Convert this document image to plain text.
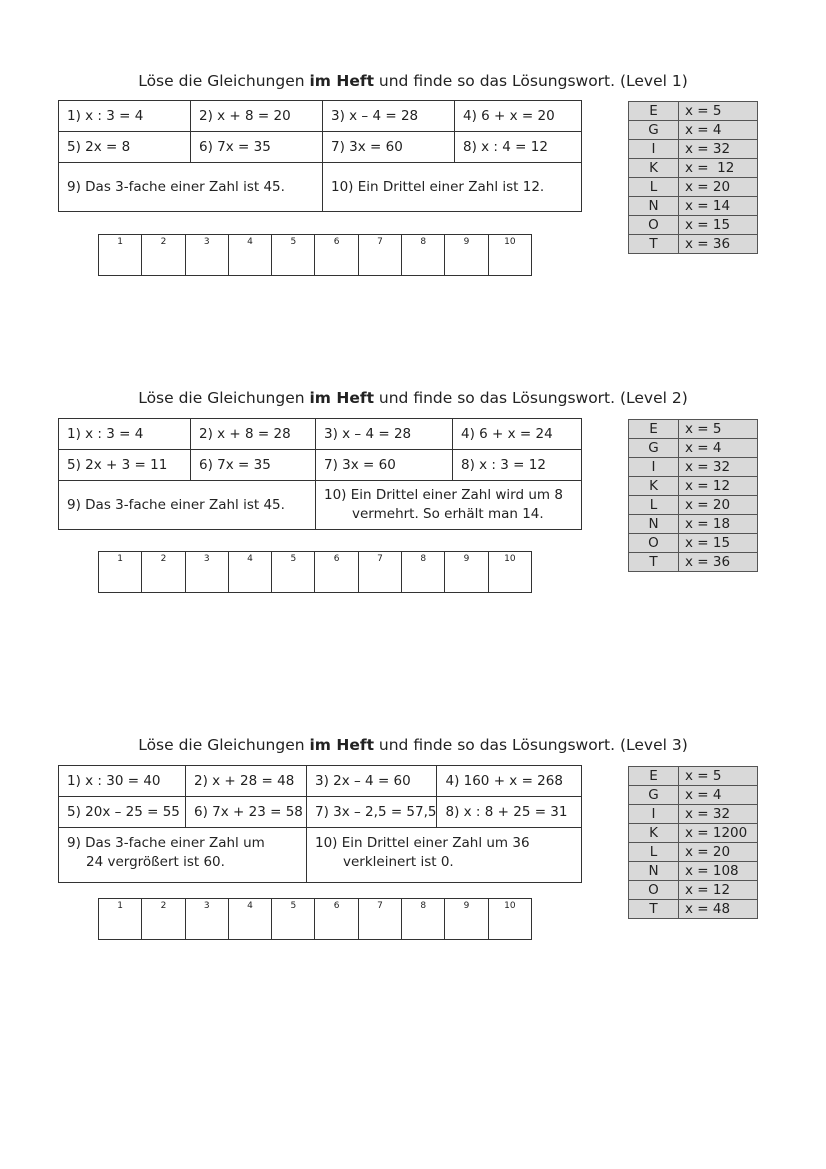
Löse die Gleichungen im Heft und finde so das Lösungswort. (Level 1)
1) x : 3 = 4	2) x + 8 = 20	3) x – 4 = 28	4) 6 + x = 20
5) 2x = 8	6) 7x = 35	7) 3x = 60	8) x : 4 = 12
9) Das 3-fache einer Zahl ist 45.		10) Ein Drittel einer Zahl ist 12.	
1	2	3	4	5	6	7	8	9	10
E	x = 5
G	x = 4
I	x = 32
K	x =  12
L	x = 20
N	x = 14
O	x = 15
T	x = 36
Löse die Gleichungen im Heft und finde so das Lösungswort. (Level 2)
1) x : 3 = 4	2) x + 8 = 28	3) x – 4 = 28	4) 6 + x = 24
5) 2x + 3 = 11	6) 7x = 35	7) 3x = 60	8) x : 3 = 12
9) Das 3-fache einer Zahl ist 45.		10) Ein Drittel einer Zahl wird um 8
vermehrt. So erhält man 14.	
1	2	3	4	5	6	7	8	9	10
E	x = 5
G	x = 4
I	x = 32
K	x = 12
L	x = 20
N	x = 18
O	x = 15
T	x = 36
Löse die Gleichungen im Heft und finde so das Lösungswort. (Level 3)
1) x : 30 = 40	2) x + 28 = 48	3) 2x – 4 = 60	4) 160 + x = 268
5) 20x – 25 = 55	6) 7x + 23 = 58	7) 3x – 2,5 = 57,5	8) x : 8 + 25 = 31
9) Das 3-fache einer Zahl um
24 vergrößert ist 60.		10) Ein Drittel einer Zahl um 36
verkleinert ist 0.	
1	2	3	4	5	6	7	8	9	10
E	x = 5
G	x = 4
I	x = 32
K	x = 1200
L	x = 20
N	x = 108
O	x = 12
T	x = 48
